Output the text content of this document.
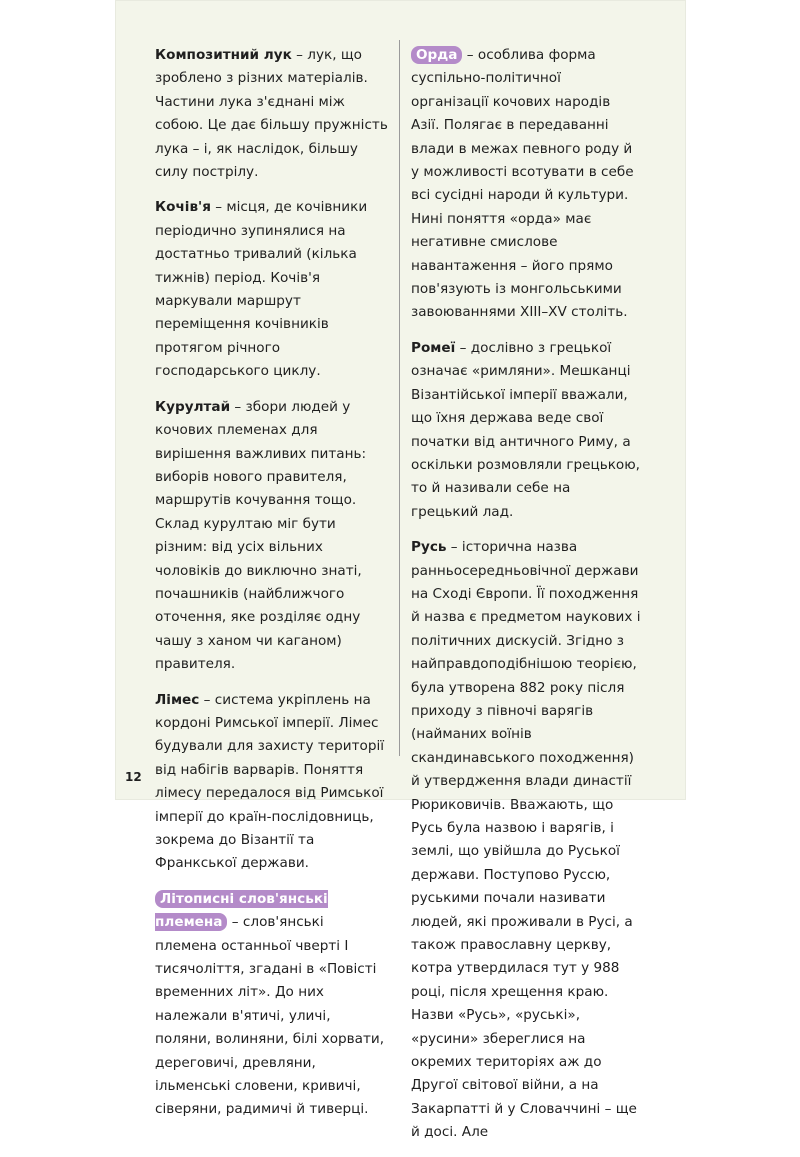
Композитний лук – лук, що зроблено з різних матеріалів. Частини лука з'єднані між собою. Це дає більшу пружність лука – і, як наслідок, більшу силу пострілу.

Кочів'я – місця, де кочівники періодично зупинялися на достатньо тривалий (кілька тижнів) період. Кочів'я маркували маршрут переміщення кочівників протягом річного господарського циклу.

Курултай – збори людей у кочових племенах для вирішення важливих питань: виборів нового правителя, маршрутів кочування тощо. Склад курултаю міг бути різним: від усіх вільних чоловіків до виключно знаті, почашників (найближчого оточення, яке розділяє одну чашу з ханом чи каганом) правителя.

Лімес – система укріплень на кордоні Римської імперії. Лімес будували для захисту території від набігів варварів. Поняття лімесу передалося від Римської імперії до країн-послідовниць, зокрема до Візантії та Франкської держави.

Літописні слов'янські племена – слов'янські племена останньої чверті І тисячоліття, згадані в «Повісті временних літ». До них належали в'ятичі, уличі, поляни, волиняни, білі хорвати, дереговичі, древляни, ільменські словени, кривичі, сіверяни, радимичі й тиверці.

Орда – особлива форма суспільно-політичної організації кочових народів Азії. Полягає в передаванні влади в межах певного роду й у можливості всотувати в себе всі сусідні народи й культури. Нині поняття «орда» має негативне смислове навантаження – його прямо пов'язують із монгольськими завоюваннями XIII–XV століть.

Ромеї – дослівно з грецької означає «римляни». Мешканці Візантійської імперії вважали, що їхня держава веде свої початки від античного Риму, а оскільки розмовляли грецькою, то й називали себе на грецький лад.

Русь – історична назва ранньосередньовічної держави на Сході Європи. Її походження й назва є предметом наукових і політичних дискусій. Згідно з найправдоподібнішою теорією, була утворена 882 року після приходу з півночі варягів (найманих воїнів скандинавського походження) й утвердження влади династії Рюриковичів. Вважають, що Русь була назвою і варягів, і землі, що увійшла до Руської держави. Поступово Руссю, руськими почали називати людей, які проживали в Русі, а також православну церкву, котра утвердилася тут у 988 році, після хрещення краю. Назви «Русь», «руські», «русини» збереглися на окремих територіях аж до Другої світової війни, а на Закарпатті й у Словаччині – ще й досі. Але

12
